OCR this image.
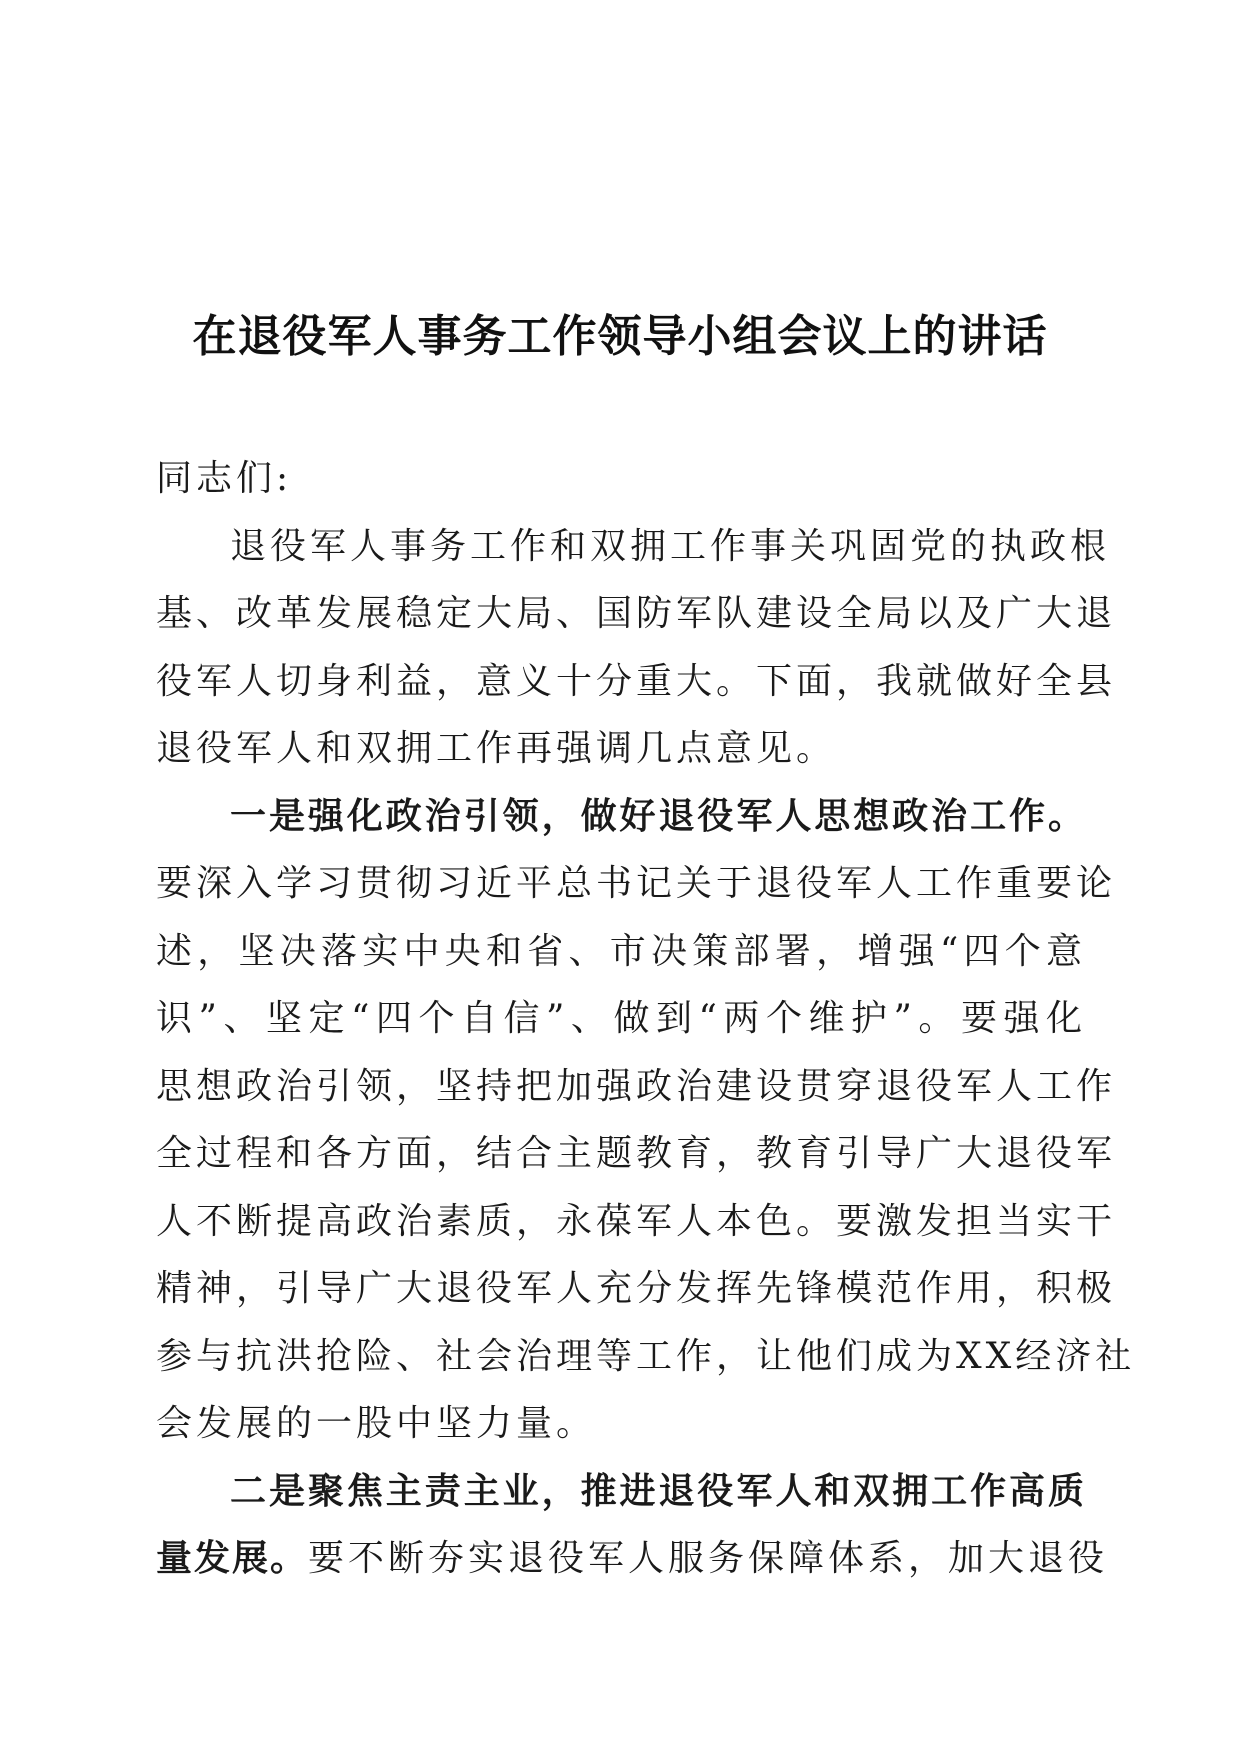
在退役军人事务工作领导小组会议上的讲话
同志们:
退役军人事务工作和双拥工作事关巩固党的执政根
基、改革发展稳定大局、国防军队建设全局以及广大退
役军人切身利益，意义十分重大。下面，我就做好全县
退役军人和双拥工作再强调几点意见。
一是强化政治引领，做好退役军人思想政治工作。
要深入学习贯彻习近平总书记关于退役军人工作重要论
述，坚决落实中央和省、市决策部署，增强“四个意
识”、坚定“四个自信”、做到“两个维护”。要强化
思想政治引领，坚持把加强政治建设贯穿退役军人工作
全过程和各方面，结合主题教育，教育引导广大退役军
人不断提高政治素质，永葆军人本色。要激发担当实干
精神，引导广大退役军人充分发挥先锋模范作用，积极
参与抗洪抢险、社会治理等工作，让他们成为XX经济社
会发展的一股中坚力量。
二是聚焦主责主业，推进退役军人和双拥工作高质
量发展。要不断夯实退役军人服务保障体系，加大退役
